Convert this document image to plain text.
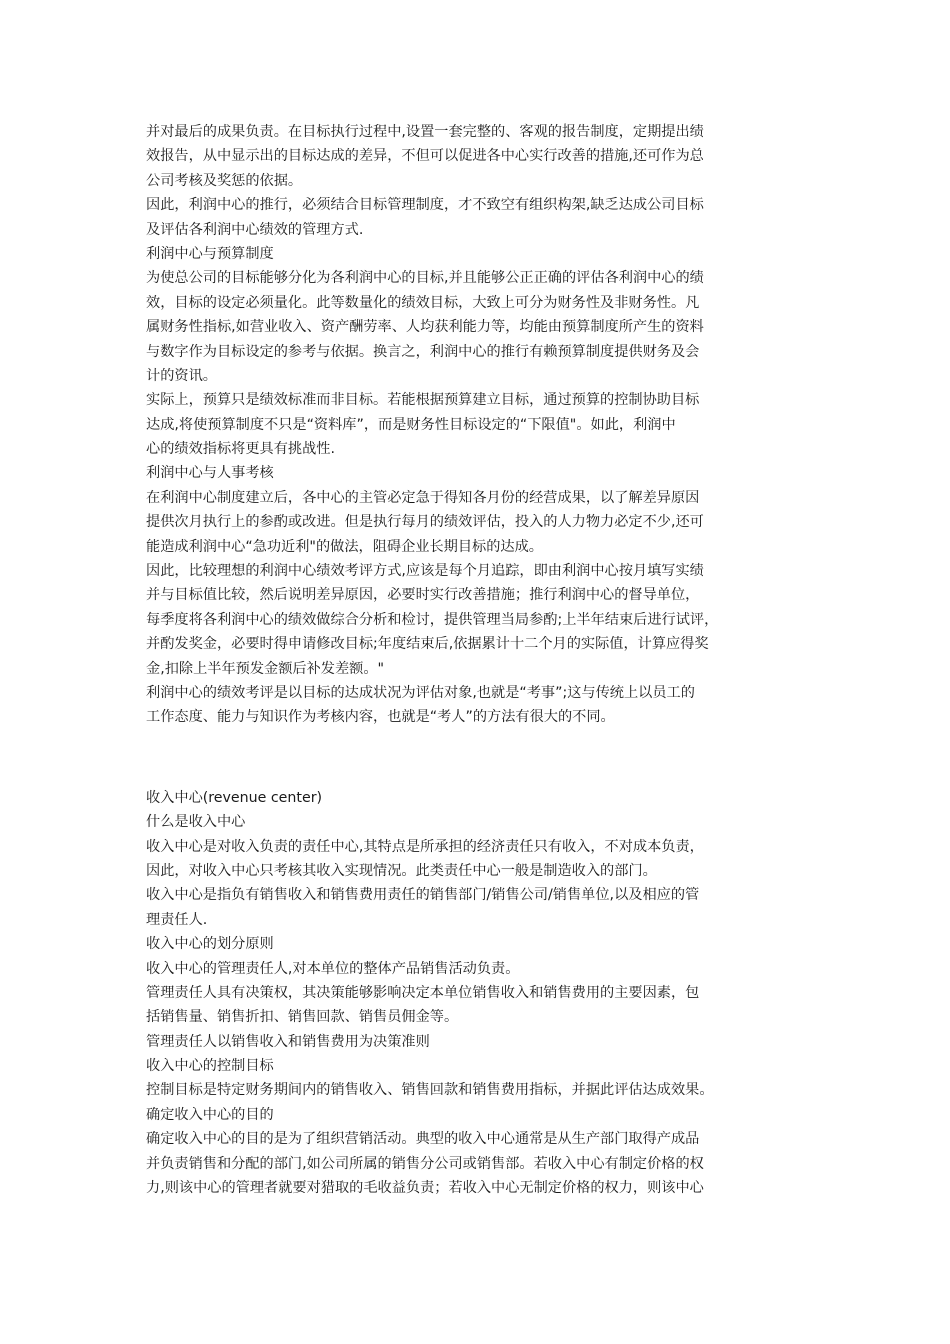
并对最后的成果负责。在目标执行过程中,设置一套完整的、客观的报告制度，定期提出绩
效报告，从中显示出的目标达成的差异，不但可以促进各中心实行改善的措施,还可作为总
公司考核及奖惩的依据。
因此，利润中心的推行，必须结合目标管理制度，才不致空有组织构架,缺乏达成公司目标
及评估各利润中心绩效的管理方式.
利润中心与预算制度
为使总公司的目标能够分化为各利润中心的目标,并且能够公正正确的评估各利润中心的绩
效，目标的设定必须量化。此等数量化的绩效目标，大致上可分为财务性及非财务性。凡
属财务性指标,如营业收入、资产酬劳率、人均获利能力等，均能由预算制度所产生的资料
与数字作为目标设定的参考与依据。换言之，利润中心的推行有赖预算制度提供财务及会
计的资讯。
实际上，预算只是绩效标准而非目标。若能根据预算建立目标，通过预算的控制协助目标
达成,将使预算制度不只是“资料库”，而是财务性目标设定的“下限值"。如此，利润中
心的绩效指标将更具有挑战性.
利润中心与人事考核
在利润中心制度建立后，各中心的主管必定急于得知各月份的经营成果，以了解差异原因
提供次月执行上的参酌或改进。但是执行每月的绩效评估，投入的人力物力必定不少,还可
能造成利润中心“急功近利"的做法，阻碍企业长期目标的达成。
因此，比较理想的利润中心绩效考评方式,应该是每个月追踪，即由利润中心按月填写实绩
并与目标值比较，然后说明差异原因，必要时实行改善措施；推行利润中心的督导单位，
每季度将各利润中心的绩效做综合分析和检讨，提供管理当局参酌;上半年结束后进行试评，
并酌发奖金，必要时得申请修改目标;年度结束后,依据累计十二个月的实际值，计算应得奖
金,扣除上半年预发金额后补发差额。"
利润中心的绩效考评是以目标的达成状况为评估对象,也就是“考事”;这与传统上以员工的
工作态度、能力与知识作为考核内容，也就是“考人”的方法有很大的不同。
收入中心(revenue center)
什么是收入中心
收入中心是对收入负责的责任中心,其特点是所承担的经济责任只有收入，不对成本负责，
因此，对收入中心只考核其收入实现情况。此类责任中心一般是制造收入的部门。
收入中心是指负有销售收入和销售费用责任的销售部门/销售公司/销售单位,以及相应的管
理责任人.
收入中心的划分原则
收入中心的管理责任人,对本单位的整体产品销售活动负责。
管理责任人具有决策权，其决策能够影响决定本单位销售收入和销售费用的主要因素，包
括销售量、销售折扣、销售回款、销售员佣金等。
管理责任人以销售收入和销售费用为决策准则
收入中心的控制目标
控制目标是特定财务期间内的销售收入、销售回款和销售费用指标，并据此评估达成效果。
确定收入中心的目的
确定收入中心的目的是为了组织营销活动。典型的收入中心通常是从生产部门取得产成品
并负责销售和分配的部门,如公司所属的销售分公司或销售部。若收入中心有制定价格的权
力,则该中心的管理者就要对猎取的毛收益负责；若收入中心无制定价格的权力，则该中心
